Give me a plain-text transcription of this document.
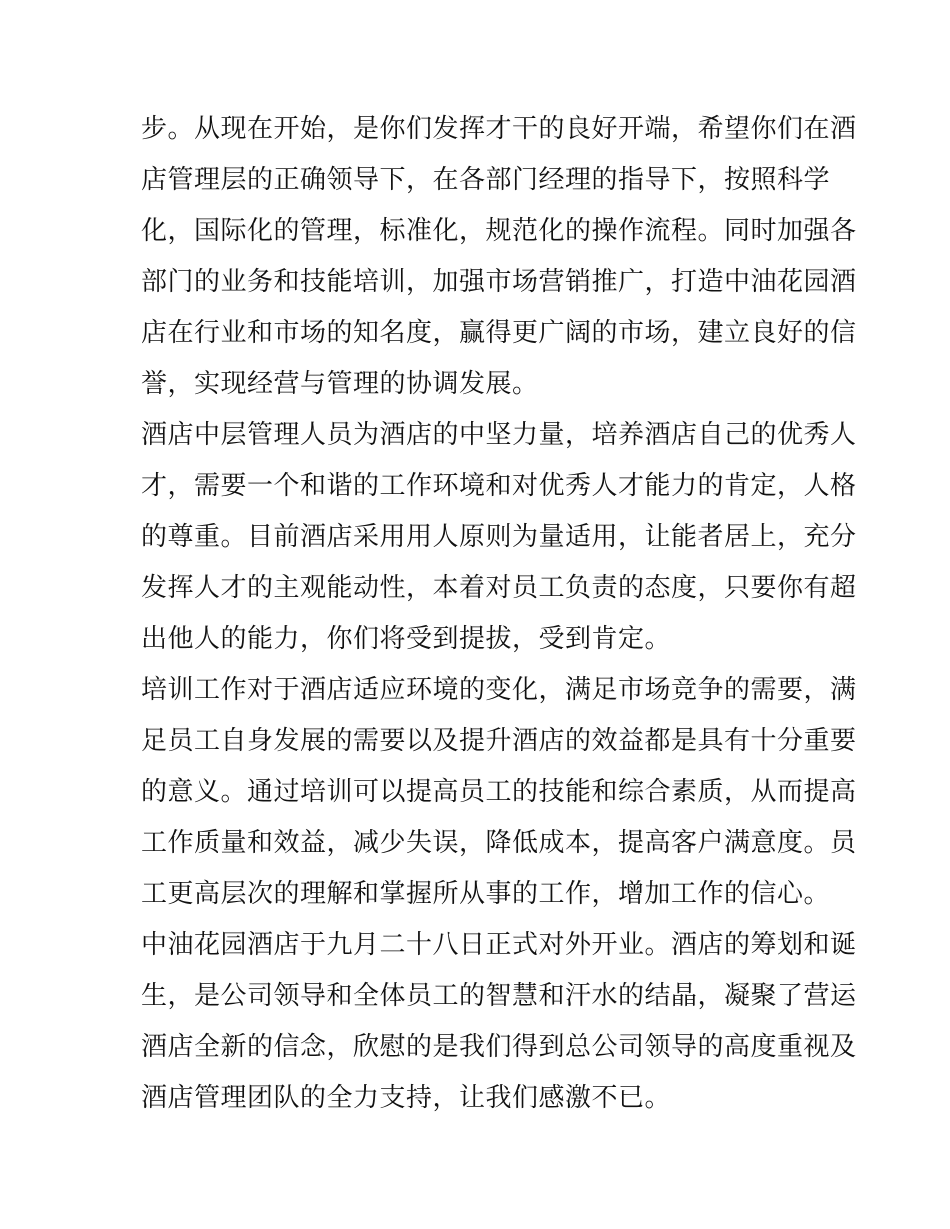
步。从现在开始，是你们发挥才干的良好开端，希望你们在酒
店管理层的正确领导下，在各部门经理的指导下，按照科学
化，国际化的管理，标准化，规范化的操作流程。同时加强各
部门的业务和技能培训，加强市场营销推广，打造中油花园酒
店在行业和市场的知名度，赢得更广阔的市场，建立良好的信
誉，实现经营与管理的协调发展。
酒店中层管理人员为酒店的中坚力量，培养酒店自己的优秀人
才，需要一个和谐的工作环境和对优秀人才能力的肯定，人格
的尊重。目前酒店采用用人原则为量适用，让能者居上，充分
发挥人才的主观能动性，本着对员工负责的态度，只要你有超
出他人的能力，你们将受到提拔，受到肯定。
培训工作对于酒店适应环境的变化，满足市场竞争的需要，满
足员工自身发展的需要以及提升酒店的效益都是具有十分重要
的意义。通过培训可以提高员工的技能和综合素质，从而提高
工作质量和效益，减少失误，降低成本，提高客户满意度。员
工更高层次的理解和掌握所从事的工作，增加工作的信心。
中油花园酒店于九月二十八日正式对外开业。酒店的筹划和诞
生，是公司领导和全体员工的智慧和汗水的结晶，凝聚了营运
酒店全新的信念，欣慰的是我们得到总公司领导的高度重视及
酒店管理团队的全力支持，让我们感激不已。
